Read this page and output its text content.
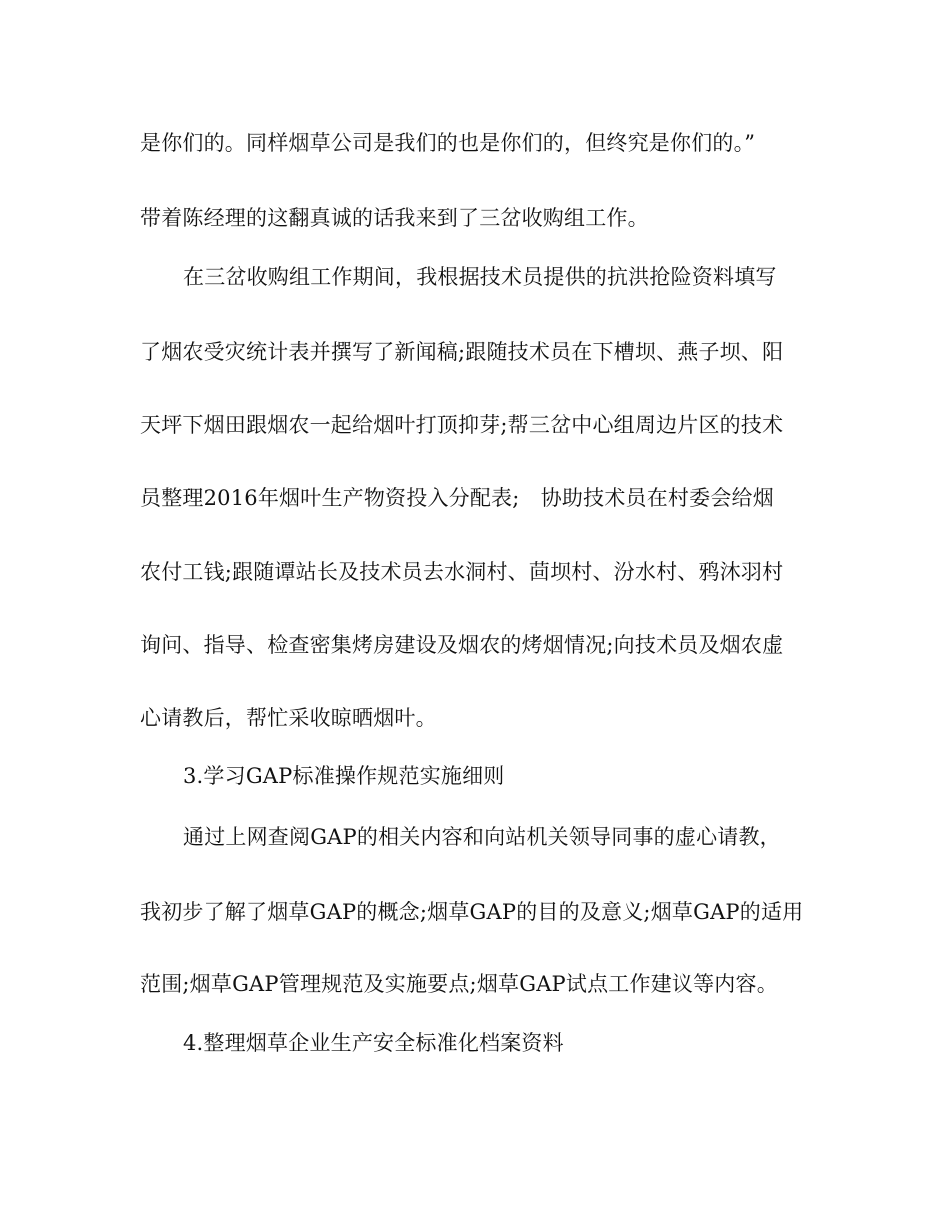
是你们的。同样烟草公司是我们的也是你们的，但终究是你们的。”
带着陈经理的这翻真诚的话我来到了三岔收购组工作。
在三岔收购组工作期间，我根据技术员提供的抗洪抢险资料填写
了烟农受灾统计表并撰写了新闻稿;跟随技术员在下槽坝、燕子坝、阳
天坪下烟田跟烟农一起给烟叶打顶抑芽;帮三岔中心组周边片区的技术
员整理2016年烟叶生产物资投入分配表;　协助技术员在村委会给烟
农付工钱;跟随谭站长及技术员去水洞村、茴坝村、汾水村、鸦沐羽村
询问、指导、检查密集烤房建设及烟农的烤烟情况;向技术员及烟农虚
心请教后，帮忙采收晾晒烟叶。
3.学习GAP标准操作规范实施细则
通过上网查阅GAP的相关内容和向站机关领导同事的虚心请教，
我初步了解了烟草GAP的概念;烟草GAP的目的及意义;烟草GAP的适用
范围;烟草GAP管理规范及实施要点;烟草GAP试点工作建议等内容。
4.整理烟草企业生产安全标准化档案资料
